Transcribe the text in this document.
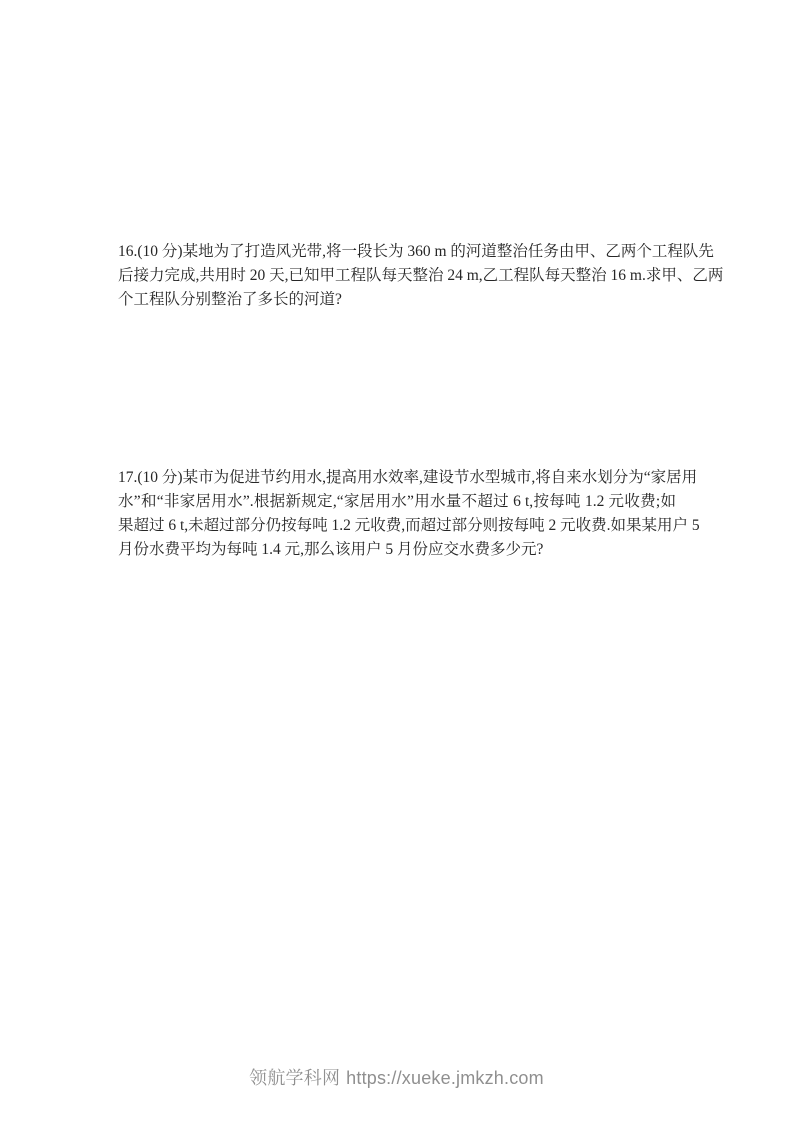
16.(10 分)某地为了打造风光带,将一段长为 360 m 的河道整治任务由甲、乙两个工程队先
后接力完成,共用时 20 天,已知甲工程队每天整治 24 m,乙工程队每天整治 16 m.求甲、乙两
个工程队分别整治了多长的河道?
17.(10 分)某市为促进节约用水,提高用水效率,建设节水型城市,将自来水划分为“家居用
水”和“非家居用水”.根据新规定,“家居用水”用水量不超过 6 t,按每吨 1.2 元收费;如
果超过 6 t,未超过部分仍按每吨 1.2 元收费,而超过部分则按每吨 2 元收费.如果某用户 5
月份水费平均为每吨 1.4 元,那么该用户 5 月份应交水费多少元?
领航学科网 https://xueke.jmkzh.com
